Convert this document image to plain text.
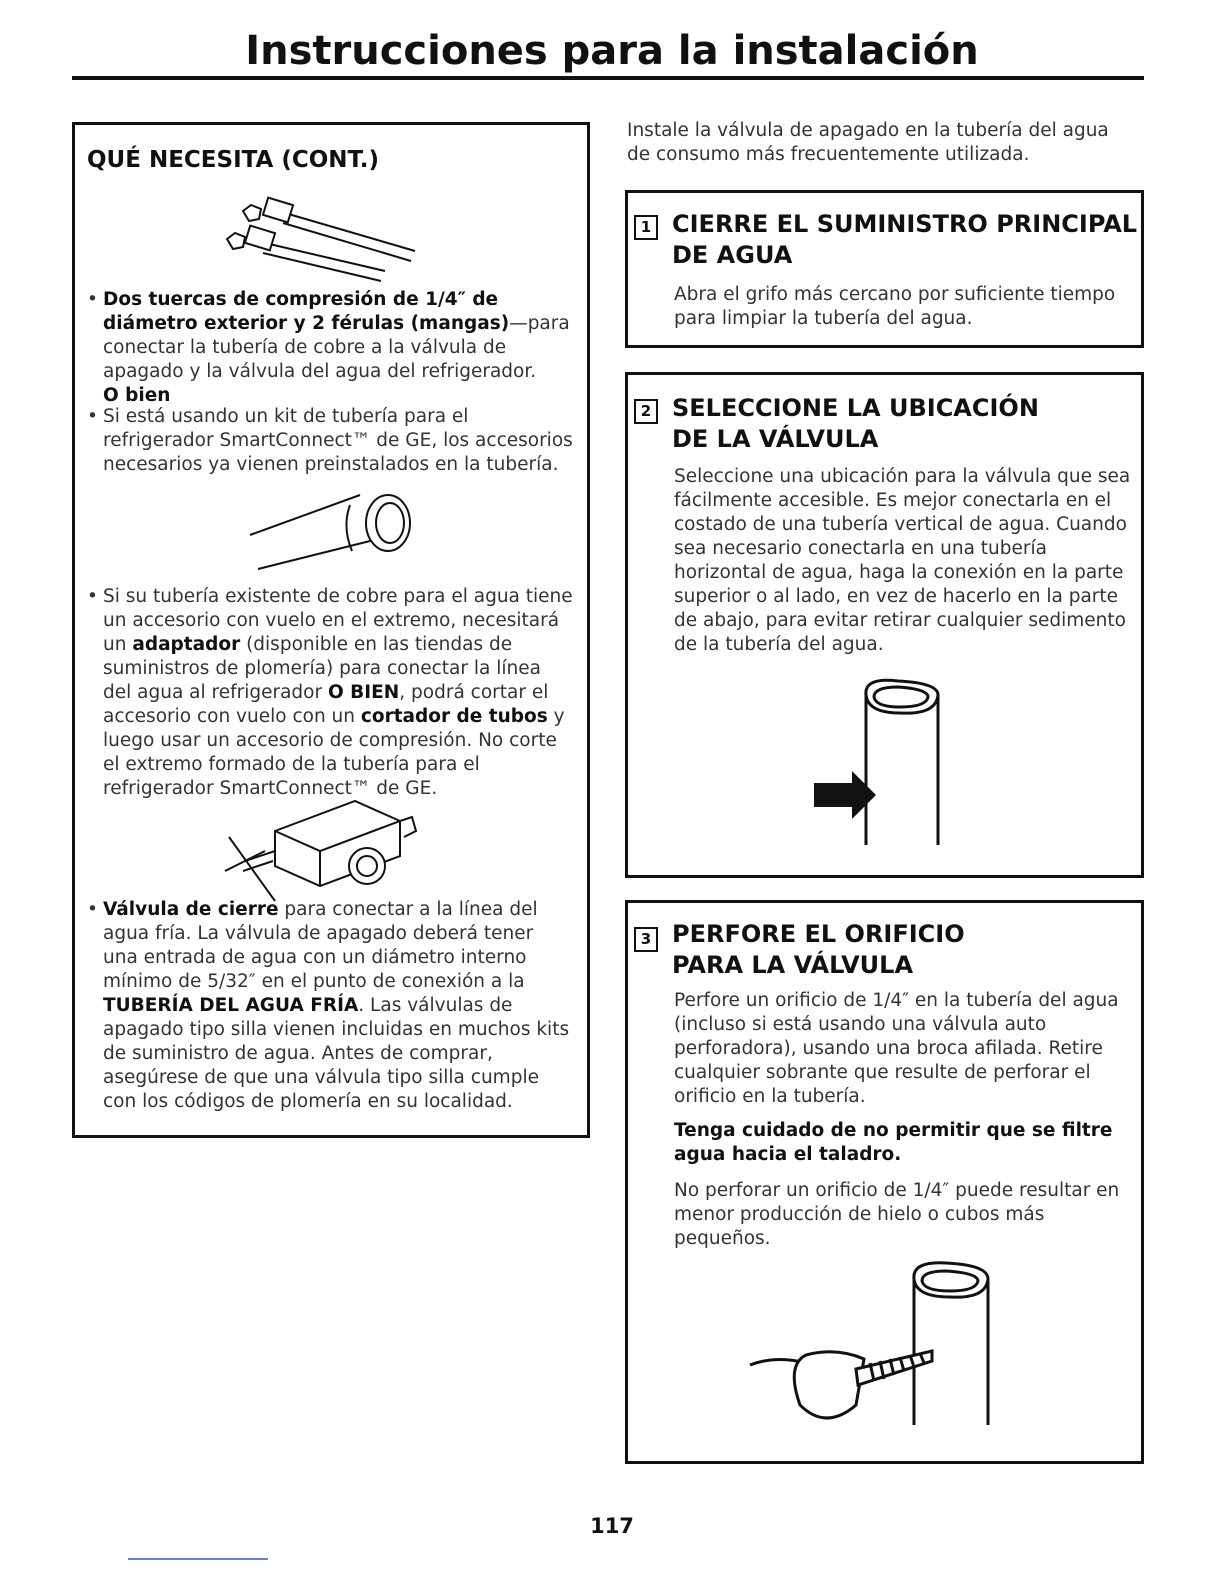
Instrucciones para la instalación
QUÉ NECESITA (CONT.)
• Dos tuercas de compresión de 1/4″ de diámetro exterior y 2 férulas (mangas)—para conectar la tubería de cobre a la válvula de apagado y la válvula del agua del refrigerador.
O bien
• Si está usando un kit de tubería para el refrigerador SmartConnect™ de GE, los accesorios necesarios ya vienen preinstalados en la tubería.
• Si su tubería existente de cobre para el agua tiene un accesorio con vuelo en el extremo, necesitará un adaptador (disponible en las tiendas de suministros de plomería) para conectar la línea del agua al refrigerador O BIEN, podrá cortar el accesorio con vuelo con un cortador de tubos y luego usar un accesorio de compresión. No corte el extremo formado de la tubería para el refrigerador SmartConnect™ de GE.
• Válvula de cierre para conectar a la línea del agua fría. La válvula de apagado deberá tener una entrada de agua con un diámetro interno mínimo de 5/32″ en el punto de conexión a la TUBERÍA DEL AGUA FRÍA. Las válvulas de apagado tipo silla vienen incluidas en muchos kits de suministro de agua. Antes de comprar, asegúrese de que una válvula tipo silla cumple con los códigos de plomería en su localidad.
Instale la válvula de apagado en la tubería del agua de consumo más frecuentemente utilizada.
1 CIERRE EL SUMINISTRO PRINCIPAL
DE AGUA
Abra el grifo más cercano por suficiente tiempo para limpiar la tubería del agua.
2 SELECCIONE LA UBICACIÓN
DE LA VÁLVULA
Seleccione una ubicación para la válvula que sea fácilmente accesible. Es mejor conectarla en el costado de una tubería vertical de agua. Cuando sea necesario conectarla en una tubería horizontal de agua, haga la conexión en la parte superior o al lado, en vez de hacerlo en la parte de abajo, para evitar retirar cualquier sedimento de la tubería del agua.
3 PERFORE EL ORIFICIO
PARA LA VÁLVULA
Perfore un orificio de 1/4″ en la tubería del agua (incluso si está usando una válvula auto perforadora), usando una broca afilada. Retire cualquier sobrante que resulte de perforar el orificio en la tubería.
Tenga cuidado de no permitir que se filtre agua hacia el taladro.
No perforar un orificio de 1/4″ puede resultar en menor producción de hielo o cubos más pequeños.
117
